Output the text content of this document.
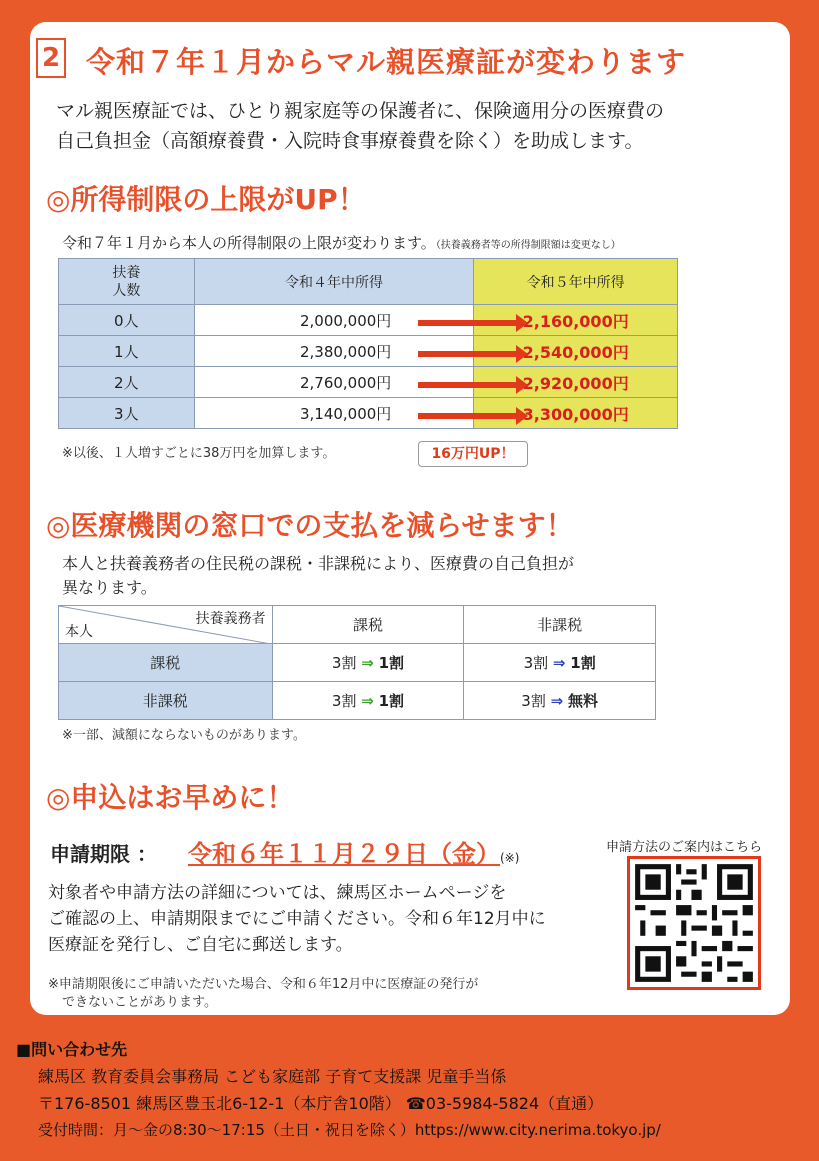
2 令和７年１月からマル親医療証が変わります
マル親医療証では、ひとり親家庭等の保護者に、保険適用分の医療費の
自己負担金（高額療養費・入院時食事療養費を除く）を助成します。
◎所得制限の上限がUP！
令和７年１月から本人の所得制限の上限が変わります。（扶養義務者等の所得制限額は変更なし）
扶養
人数	令和４年中所得	令和５年中所得
0人	2,000,000円	2,160,000円
1人	2,380,000円	2,540,000円
2人	2,760,000円	2,920,000円
3人	3,140,000円	3,300,000円
※以後、１人増すごとに38万円を加算します。	16万円UP！
◎医療機関の窓口での支払を減らせます！
本人と扶養義務者の住民税の課税・非課税により、医療費の自己負担が
異なります。
扶養義務者
本人	課税	非課税
課税	3割 ⇒ 1割	3割 ⇒ 1割
非課税	3割 ⇒ 1割	3割 ⇒ 無料
※一部、減額にならないものがあります。
◎申込はお早めに！
申請期限 ： 令和６年１１月２９日（金）(※)
申請方法のご案内はこちら
対象者や申請方法の詳細については、練馬区ホームページを
ご確認の上、申請期限までにご申請ください。令和６年12月中に
医療証を発行し、ご自宅に郵送します。
※申請期限後にご申請いただいた場合、令和６年12月中に医療証の発行が
できないことがあります。
■問い合わせ先
練馬区 教育委員会事務局 こども家庭部 子育て支援課 児童手当係
〒176-8501 練馬区豊玉北6-12-1（本庁舎10階） ☎03-5984-5824（直通）
受付時間：月～金の8:30～17:15（土日・祝日を除く）https://www.city.nerima.tokyo.jp/
